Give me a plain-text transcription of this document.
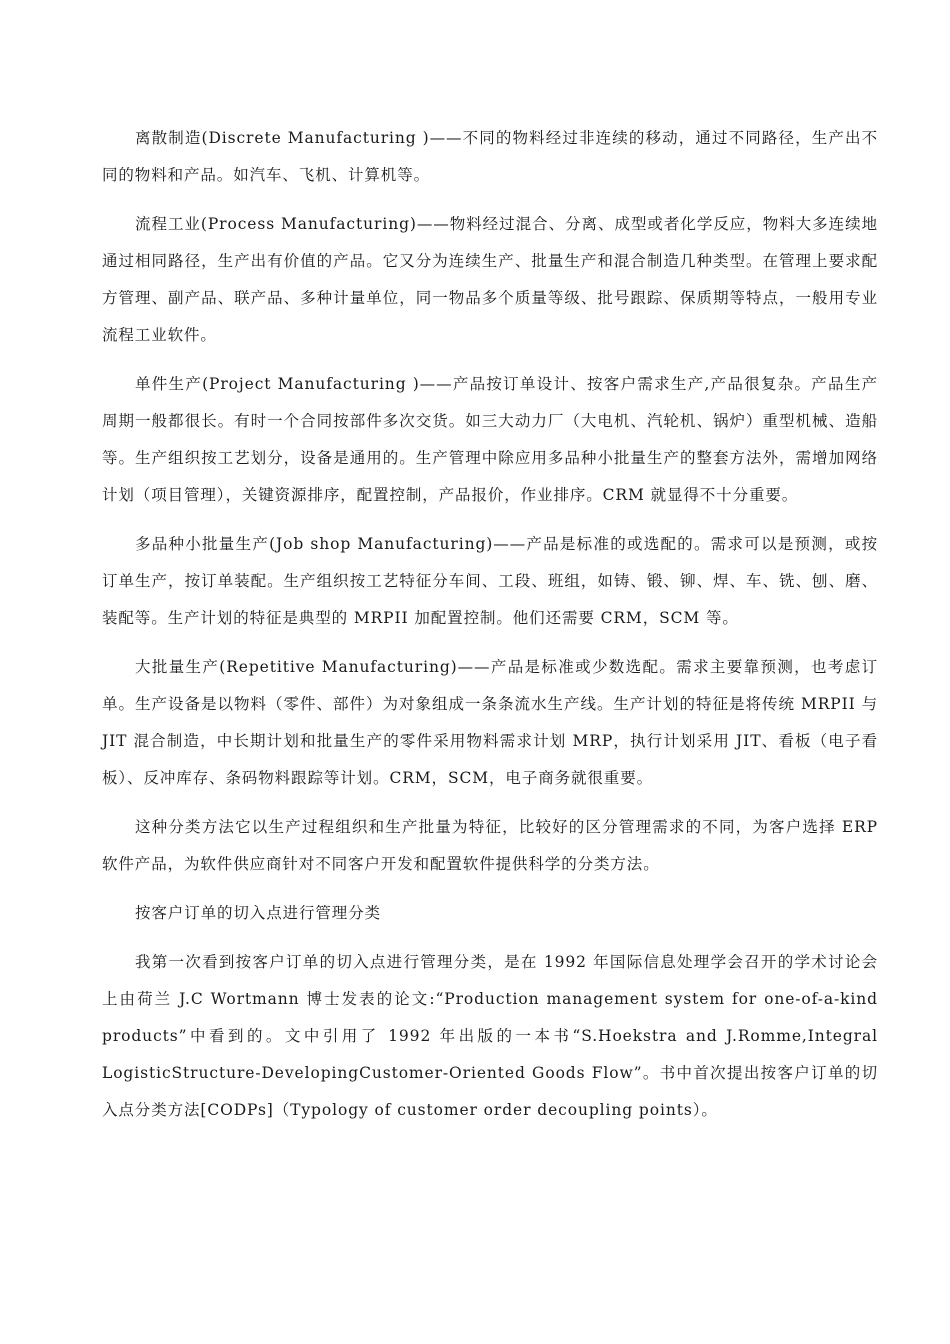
离散制造(Discrete Manufacturing )——不同的物料经过非连续的移动，通过不同路径，生产出不同的物料和产品。如汽车、飞机、计算机等。

流程工业(Process Manufacturing)——物料经过混合、分离、成型或者化学反应，物料大多连续地通过相同路径，生产出有价值的产品。它又分为连续生产、批量生产和混合制造几种类型。在管理上要求配方管理、副产品、联产品、多种计量单位，同一物品多个质量等级、批号跟踪、保质期等特点，一般用专业流程工业软件。

单件生产(Project Manufacturing )——产品按订单设计、按客户需求生产,产品很复杂。产品生产周期一般都很长。有时一个合同按部件多次交货。如三大动力厂（大电机、汽轮机、锅炉）重型机械、造船等。生产组织按工艺划分，设备是通用的。生产管理中除应用多品种小批量生产的整套方法外，需增加网络计划（项目管理），关键资源排序，配置控制，产品报价，作业排序。CRM 就显得不十分重要。

多品种小批量生产(Job shop Manufacturing)——产品是标准的或选配的。需求可以是预测，或按订单生产，按订单装配。生产组织按工艺特征分车间、工段、班组，如铸、锻、铆、焊、车、铣、刨、磨、装配等。生产计划的特征是典型的 MRPII 加配置控制。他们还需要 CRM，SCM 等。

大批量生产(Repetitive Manufacturing)——产品是标准或少数选配。需求主要靠预测，也考虑订单。生产设备是以物料（零件、部件）为对象组成一条条流水生产线。生产计划的特征是将传统 MRPII 与 JIT 混合制造，中长期计划和批量生产的零件采用物料需求计划 MRP，执行计划采用 JIT、看板（电子看板）、反冲库存、条码物料跟踪等计划。CRM，SCM，电子商务就很重要。

这种分类方法它以生产过程组织和生产批量为特征，比较好的区分管理需求的不同，为客户选择 ERP 软件产品，为软件供应商针对不同客户开发和配置软件提供科学的分类方法。

按客户订单的切入点进行管理分类

我第一次看到按客户订单的切入点进行管理分类，是在 1992 年国际信息处理学会召开的学术讨论会上由荷兰 J.C Wortmann 博士发表的论文:“Production management system for one-of-a-kind products”中看到的。文中引用了 1992 年出版的一本书“S.Hoekstra and J.Romme,Integral LogisticStructure-DevelopingCustomer-Oriented Goods Flow”。书中首次提出按客户订单的切入点分类方法[CODPs]（Typology of customer order decoupling points）。
